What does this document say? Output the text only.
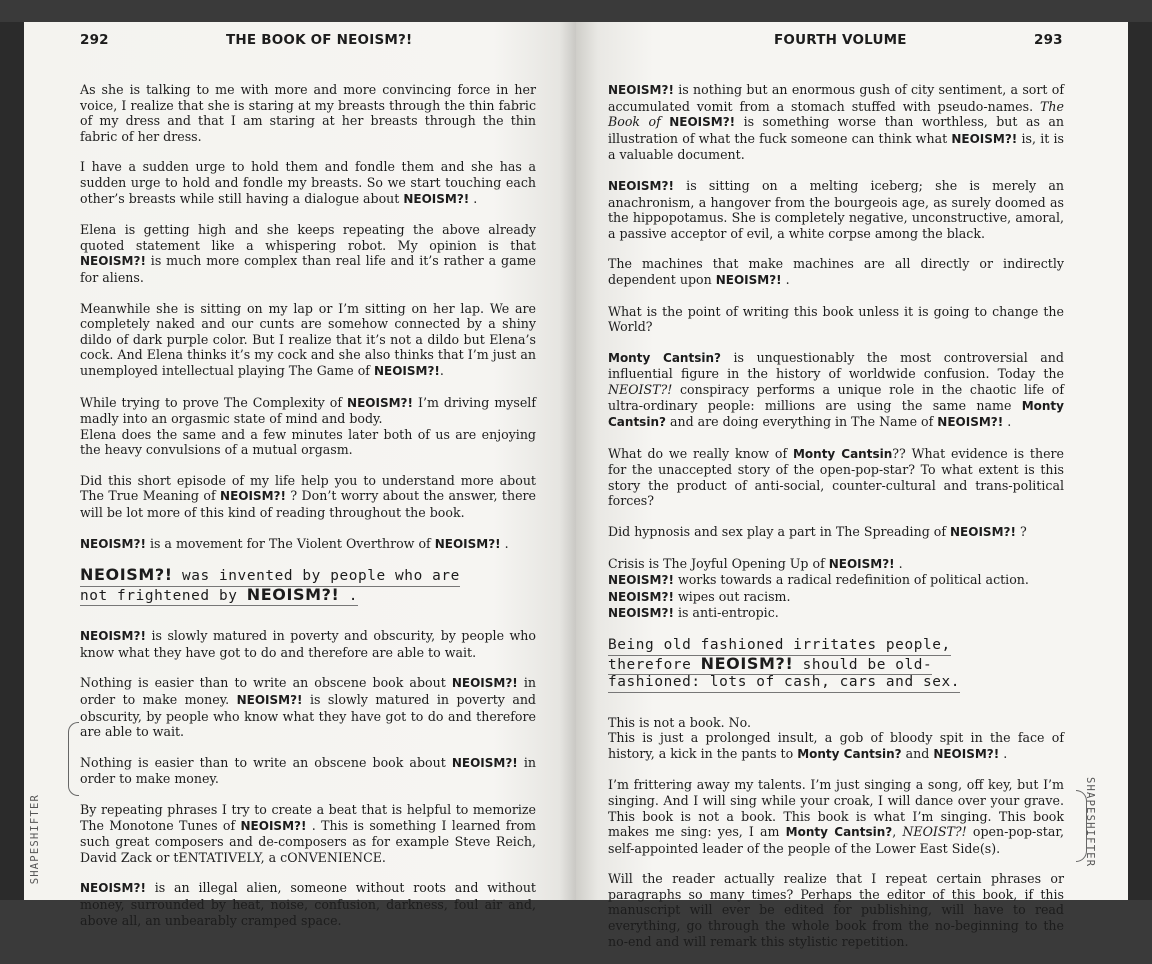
292	THE BOOK OF NEOISM?!

As she is talking to me with more and more convincing force in her voice, I realize that she is staring at my breasts through the thin fabric of my dress and that I am staring at her breasts through the thin fabric of her dress.

I have a sudden urge to hold them and fondle them and she has a sudden urge to hold and fondle my breasts. So we start touching each other’s breasts while still having a dialogue about NEOISM?! .

Elena is getting high and she keeps repeating the above already quoted statement like a whispering robot. My opinion is that NEOISM?! is much more complex than real life and it’s rather a game for aliens.

Meanwhile she is sitting on my lap or I’m sitting on her lap. We are completely naked and our cunts are somehow connected by a shiny dildo of dark purple color. But I realize that it’s not a dildo but Elena’s cock. And Elena thinks it’s my cock and she also thinks that I’m just an unemployed intellectual playing The Game of NEOISM?!.

While trying to prove The Complexity of NEOISM?! I’m driving myself madly into an orgasmic state of mind and body.
Elena does the same and a few minutes later both of us are enjoying the heavy convulsions of a mutual orgasm.

Did this short episode of my life help you to understand more about The True Meaning of NEOISM?! ? Don’t worry about the answer, there will be lot more of this kind of reading throughout the book.

NEOISM?! is a movement for The Violent Overthrow of NEOISM?! .

NEOISM?! was invented by people who are
not frightened by NEOISM?! .

NEOISM?! is slowly matured in poverty and obscurity, by people who know what they have got to do and therefore are able to wait.

Nothing is easier than to write an obscene book about NEOISM?! in order to make money. NEOISM?! is slowly matured in poverty and obscurity, by people who know what they have got to do and therefore are able to wait.

Nothing is easier than to write an obscene book about NEOISM?! in order to make money.

By repeating phrases I try to create a beat that is helpful to memorize The Monotone Tunes of NEOISM?! . This is something I learned from such great composers and de-composers as for example Steve Reich, David Zack or tENTATIVELY, a cONVENIENCE.

NEOISM?! is an illegal alien, someone without roots and without money, surrounded by heat, noise, confusion, darkness, foul air and, above all, an unbearably cramped space.

SHAPESHIFTER
FOURTH VOLUME	293

NEOISM?! is nothing but an enormous gush of city sentiment, a sort of accumulated vomit from a stomach stuffed with pseudo-names. The Book of NEOISM?! is something worse than worthless, but as an illustration of what the fuck someone can think what NEOISM?! is, it is a valuable document.

NEOISM?! is sitting on a melting iceberg; she is merely an anachronism, a hangover from the bourgeois age, as surely doomed as the hippopotamus. She is completely negative, unconstructive, amoral, a passive acceptor of evil, a white corpse among the black.

The machines that make machines are all directly or indirectly dependent upon NEOISM?! .

What is the point of writing this book unless it is going to change the World?

Monty Cantsin? is unquestionably the most controversial and influential figure in the history of worldwide confusion. Today the NEOIST?! conspiracy performs a unique role in the chaotic life of ultra-ordinary people: millions are using the same name Monty Cantsin? and are doing everything in The Name of NEOISM?! .

What do we really know of Monty Cantsin?? What evidence is there for the unaccepted story of the open-pop-star? To what extent is this story the product of anti-social, counter-cultural and trans-political forces?

Did hypnosis and sex play a part in The Spreading of NEOISM?! ?

Crisis is The Joyful Opening Up of NEOISM?! .

NEOISM?! works towards a radical redefinition of political action.

NEOISM?! wipes out racism.

NEOISM?! is anti-entropic.

Being old fashioned irritates people,
therefore NEOISM?! should be old-
fashioned: lots of cash, cars and sex.

This is not a book. No.

This is just a prolonged insult, a gob of bloody spit in the face of history, a kick in the pants to Monty Cantsin? and NEOISM?! .

I’m frittering away my talents. I’m just singing a song, off key, but I’m singing. And I will sing while your croak, I will dance over your grave. This book is not a book. This book is what I’m singing. This book makes me sing: yes, I am Monty Cantsin?, NEOIST?! open-pop-star, self-appointed leader of the people of the Lower East Side(s).

Will the reader actually realize that I repeat certain phrases or paragraphs so many times? Perhaps the editor of this book, if this manuscript will ever be edited for publishing, will have to read everything, go through the whole book from the no-beginning to the no-end and will remark this stylistic repetition.

SHAPESHIFTER
